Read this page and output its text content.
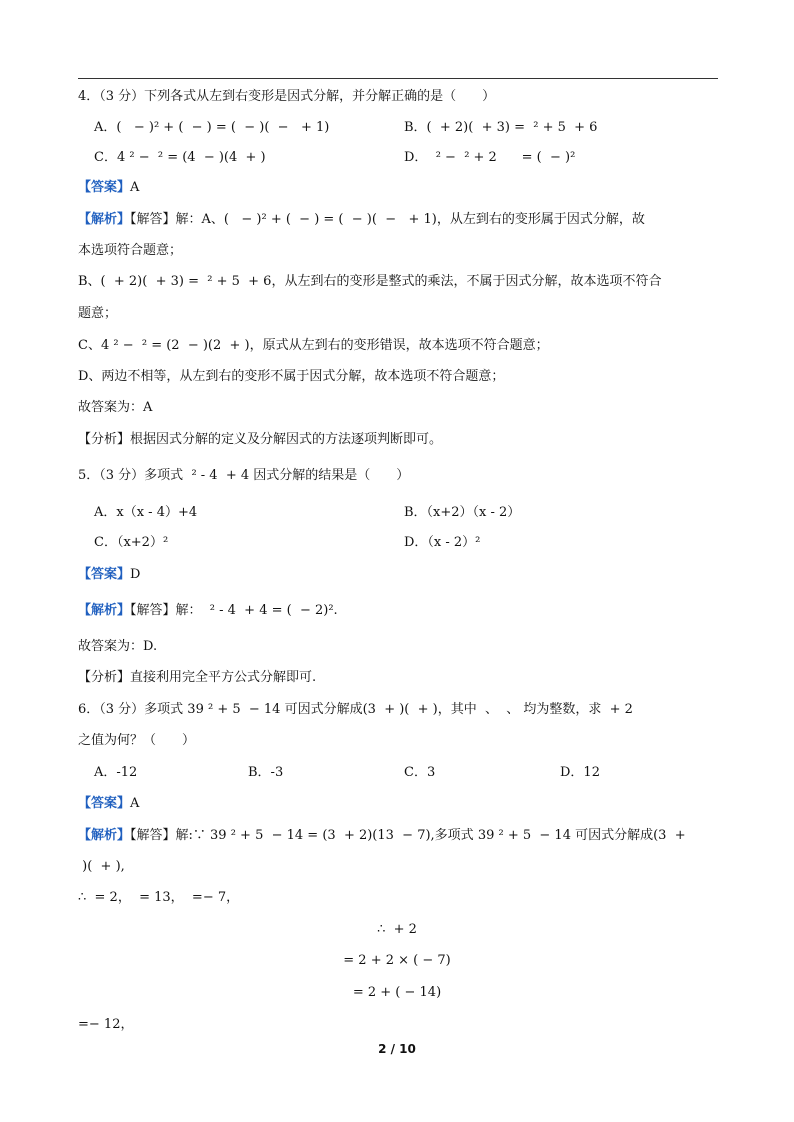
4．（3 分）下列各式从左到右变形是因式分解，并分解正确的是（　　）
A．(   − )² + (  − ) = (  − )(  −   + 1)	B．(  + 2)(  + 3) =  ² + 5  + 6
C．4 ² −  ² = (4  − )(4  + )	D．  ² −  ² + 2      = (  − )²
【答案】A
【解析】【解答】解：A、(   − )² + (  − ) = (  − )(  −   + 1)，从左到右的变形属于因式分解，故
本选项符合题意；
B、(  + 2)(  + 3) =  ² + 5  + 6，从左到右的变形是整式的乘法，不属于因式分解，故本选项不符合
题意；
C、4 ² −  ² = (2  − )(2  + )，原式从左到右的变形错误，故本选项不符合题意；
D、两边不相等，从左到右的变形不属于因式分解，故本选项不符合题意；
故答案为：A
【分析】根据因式分解的定义及分解因式的方法逐项判断即可。
5．（3 分）多项式  ² - 4  + 4 因式分解的结果是（　　）
A．x（x - 4）+4	B．（x+2）（x - 2）
C．（x+2）²	D．（x - 2）²
【答案】D
【解析】【解答】解：  ² - 4  + 4 = (  − 2)².
故答案为：D.
【分析】直接利用完全平方公式分解即可.
6．（3 分）多项式 39 ² + 5  − 14 可因式分解成(3  + )(  + )，其中  、  、 均为整数，求  + 2
之值为何？（　　）
A．-12	B．-3	C．3	D．12
【答案】A
【解析】【解答】解:∵ 39 ² + 5  − 14 = (3  + 2)(13  − 7),多项式 39 ² + 5  − 14 可因式分解成(3  +
)(  + ),
∴  = 2，  = 13，  =− 7，
∴  + 2
= 2 + 2 × ( − 7)
= 2 + ( − 14)
=− 12，
2 / 10
